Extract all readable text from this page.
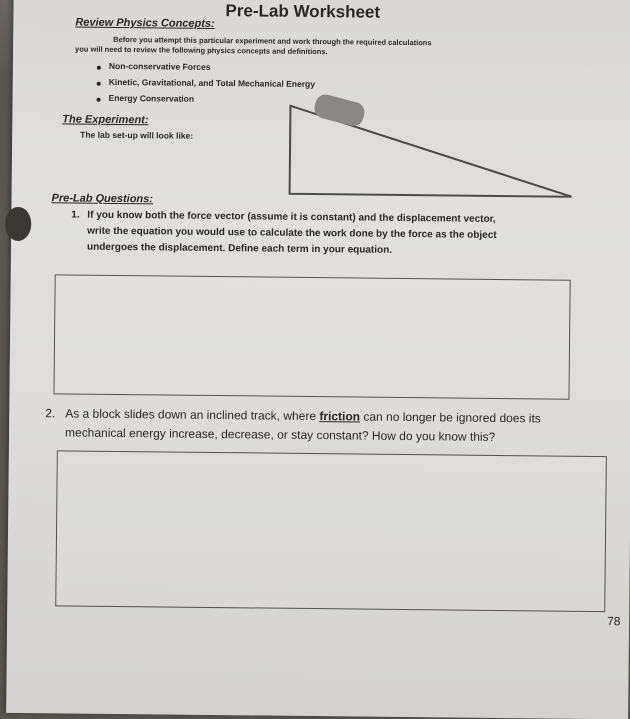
Pre-Lab Worksheet
Review Physics Concepts:
Before you attempt this particular experiment and work through the required calculations
you will need to review the following physics concepts and definitions.
Non-conservative Forces
Kinetic, Gravitational, and Total Mechanical Energy
Energy Conservation
The Experiment:
The lab set-up will look like:
Pre-Lab Questions:
1. If you know both the force vector (assume it is constant) and the displacement vector,
write the equation you would use to calculate the work done by the force as the object
undergoes the displacement. Define each term in your equation.
2. As a block slides down an inclined track, where friction can no longer be ignored does its
mechanical energy increase, decrease, or stay constant? How do you know this?
78
